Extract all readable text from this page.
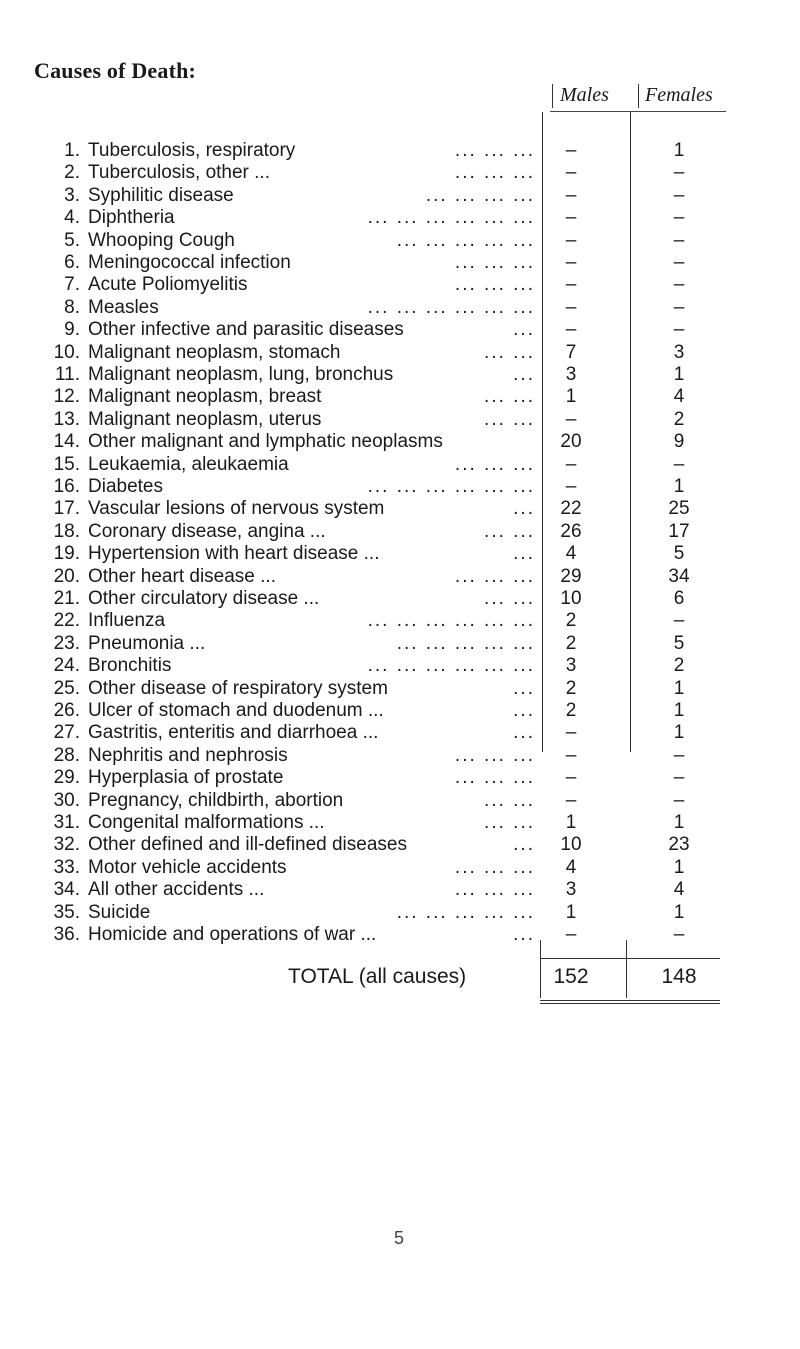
Causes of Death:
Males Females
1. Tuberculosis, respiratory	... ... ...	–	1
2. Tuberculosis, other ...	... ... ...	–	–
3. Syphilitic disease	... ... ... ...	–	–
4. Diphtheria	... ... ... ... ... ...	–	–
5. Whooping Cough	... ... ... ... ...	–	–
6. Meningococcal infection	... ... ...	–	–
7. Acute Poliomyelitis	... ... ...	–	–
8. Measles	... ... ... ... ... ...	–	–
9. Other infective and parasitic diseases	...	–	–
10. Malignant neoplasm, stomach	... ...	7	3
11. Malignant neoplasm, lung, bronchus	...	3	1
12. Malignant neoplasm, breast	... ...	1	4
13. Malignant neoplasm, uterus	... ...	–	2
14. Other malignant and lymphatic neoplasms	20	9
15. Leukaemia, aleukaemia	... ... ...	–	–
16. Diabetes	... ... ... ... ... ...	–	1
17. Vascular lesions of nervous system	...	22	25
18. Coronary disease, angina ...	... ...	26	17
19. Hypertension with heart disease ...	...	4	5
20. Other heart disease ...	... ... ...	29	34
21. Other circulatory disease ...	... ...	10	6
22. Influenza	... ... ... ... ... ...	2	–
23. Pneumonia ...	... ... ... ... ...	2	5
24. Bronchitis	... ... ... ... ... ...	3	2
25. Other disease of respiratory system	...	2	1
26. Ulcer of stomach and duodenum ...	...	2	1
27. Gastritis, enteritis and diarrhoea ...	...	–	1
28. Nephritis and nephrosis	... ... ...	–	–
29. Hyperplasia of prostate	... ... ...	–	–
30. Pregnancy, childbirth, abortion	... ...	–	–
31. Congenital malformations ...	... ...	1	1
32. Other defined and ill-defined diseases	...	10	23
33. Motor vehicle accidents	... ... ...	4	1
34. All other accidents ...	... ... ...	3	4
35. Suicide	... ... ... ... ...	1	1
36. Homicide and operations of war ...	...	–	–
TOTAL (all causes)	152	148
5
